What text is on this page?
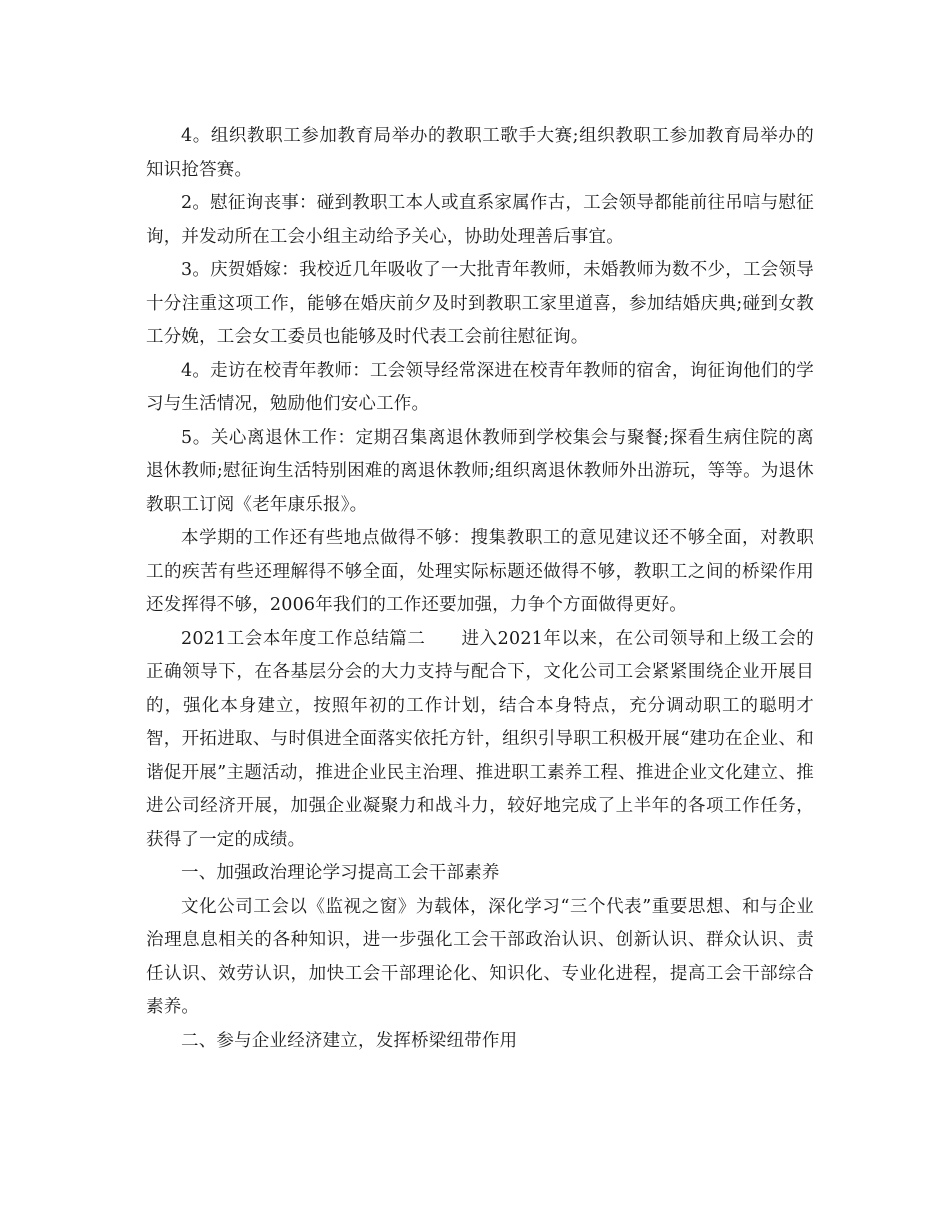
4。组织教职工参加教育局举办的教职工歌手大赛;组织教职工参加教育局举办的知识抢答赛。

2。慰征询丧事：碰到教职工本人或直系家属作古，工会领导都能前往吊唁与慰征询，并发动所在工会小组主动给予关心，协助处理善后事宜。

3。庆贺婚嫁：我校近几年吸收了一大批青年教师，未婚教师为数不少，工会领导十分注重这项工作，能够在婚庆前夕及时到教职工家里道喜，参加结婚庆典;碰到女教工分娩，工会女工委员也能够及时代表工会前往慰征询。

4。走访在校青年教师：工会领导经常深进在校青年教师的宿舍，询征询他们的学习与生活情况，勉励他们安心工作。

5。关心离退休工作：定期召集离退休教师到学校集会与聚餐;探看生病住院的离退休教师;慰征询生活特别困难的离退休教师;组织离退休教师外出游玩，等等。为退休教职工订阅《老年康乐报》。

本学期的工作还有些地点做得不够：搜集教职工的意见建议还不够全面，对教职工的疾苦有些还理解得不够全面，处理实际标题还做得不够，教职工之间的桥梁作用还发挥得不够，2006年我们的工作还要加强，力争个方面做得更好。

2021工会本年度工作总结篇二　　进入2021年以来，在公司领导和上级工会的正确领导下，在各基层分会的大力支持与配合下，文化公司工会紧紧围绕企业开展目的，强化本身建立，按照年初的工作计划，结合本身特点，充分调动职工的聪明才智，开拓进取、与时俱进全面落实依托方针，组织引导职工积极开展“建功在企业、和谐促开展”主题活动，推进企业民主治理、推进职工素养工程、推进企业文化建立、推进公司经济开展，加强企业凝聚力和战斗力，较好地完成了上半年的各项工作任务，获得了一定的成绩。

一、加强政治理论学习提高工会干部素养

文化公司工会以《监视之窗》为载体，深化学习“三个代表”重要思想、和与企业治理息息相关的各种知识，进一步强化工会干部政治认识、创新认识、群众认识、责任认识、效劳认识，加快工会干部理论化、知识化、专业化进程，提高工会干部综合素养。

二、参与企业经济建立，发挥桥梁纽带作用
